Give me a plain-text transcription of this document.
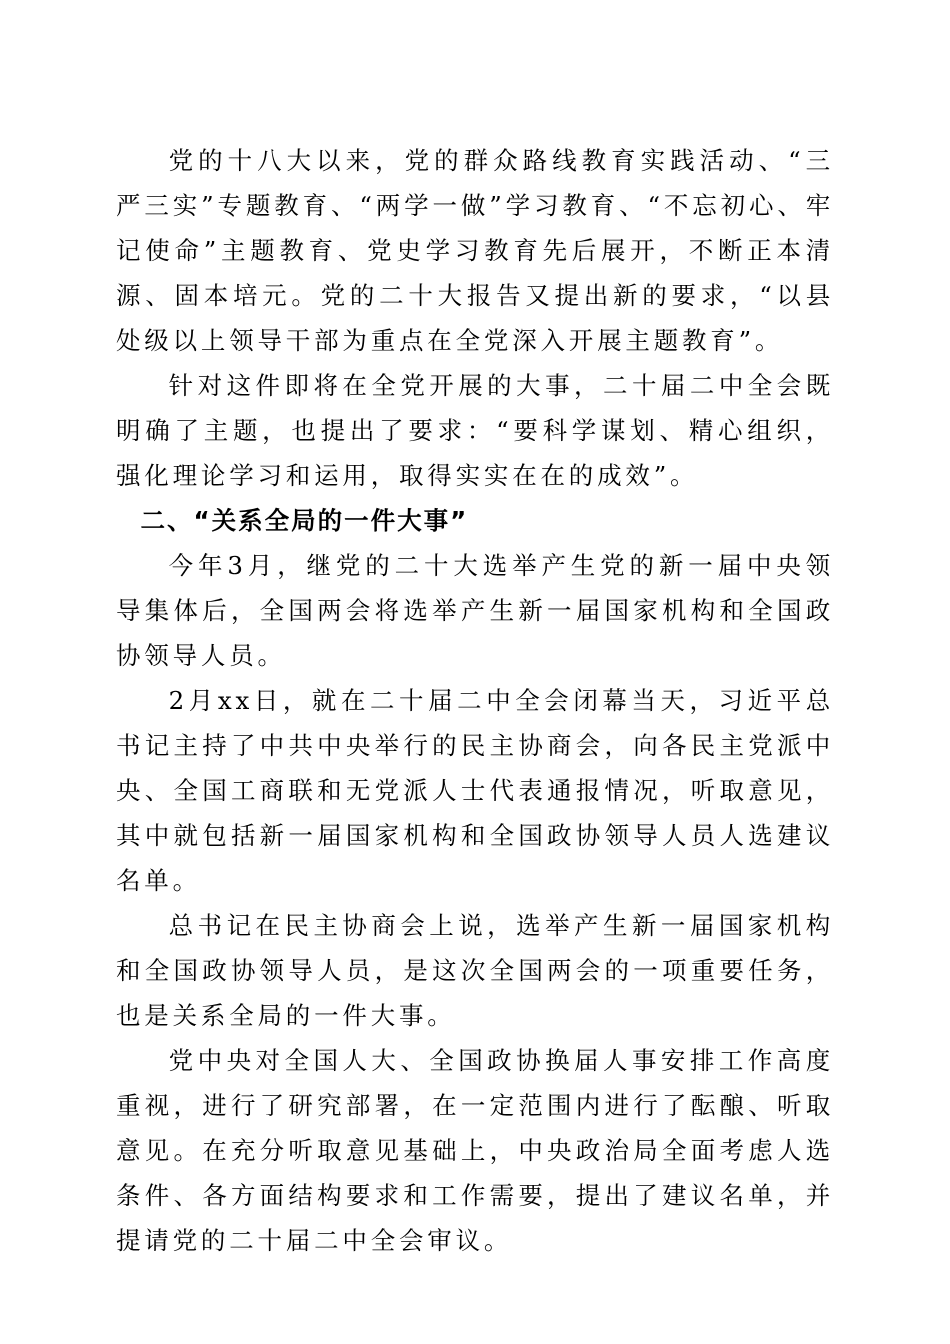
党的十八大以来，党的群众路线教育实践活动、“三严三实”专题教育、“两学一做”学习教育、“不忘初心、牢记使命”主题教育、党史学习教育先后展开，不断正本清源、固本培元。党的二十大报告又提出新的要求，“以县处级以上领导干部为重点在全党深入开展主题教育”。

针对这件即将在全党开展的大事，二十届二中全会既明确了主题，也提出了要求：“要科学谋划、精心组织，强化理论学习和运用，取得实实在在的成效”。

二、“关系全局的一件大事”

今年3月，继党的二十大选举产生党的新一届中央领导集体后，全国两会将选举产生新一届国家机构和全国政协领导人员。

2月xx日，就在二十届二中全会闭幕当天，习近平总书记主持了中共中央举行的民主协商会，向各民主党派中央、全国工商联和无党派人士代表通报情况，听取意见，其中就包括新一届国家机构和全国政协领导人员人选建议名单。

总书记在民主协商会上说，选举产生新一届国家机构和全国政协领导人员，是这次全国两会的一项重要任务，也是关系全局的一件大事。

党中央对全国人大、全国政协换届人事安排工作高度重视，进行了研究部署，在一定范围内进行了酝酿、听取意见。在充分听取意见基础上，中央政治局全面考虑人选条件、各方面结构要求和工作需要，提出了建议名单，并提请党的二十届二中全会审议。
